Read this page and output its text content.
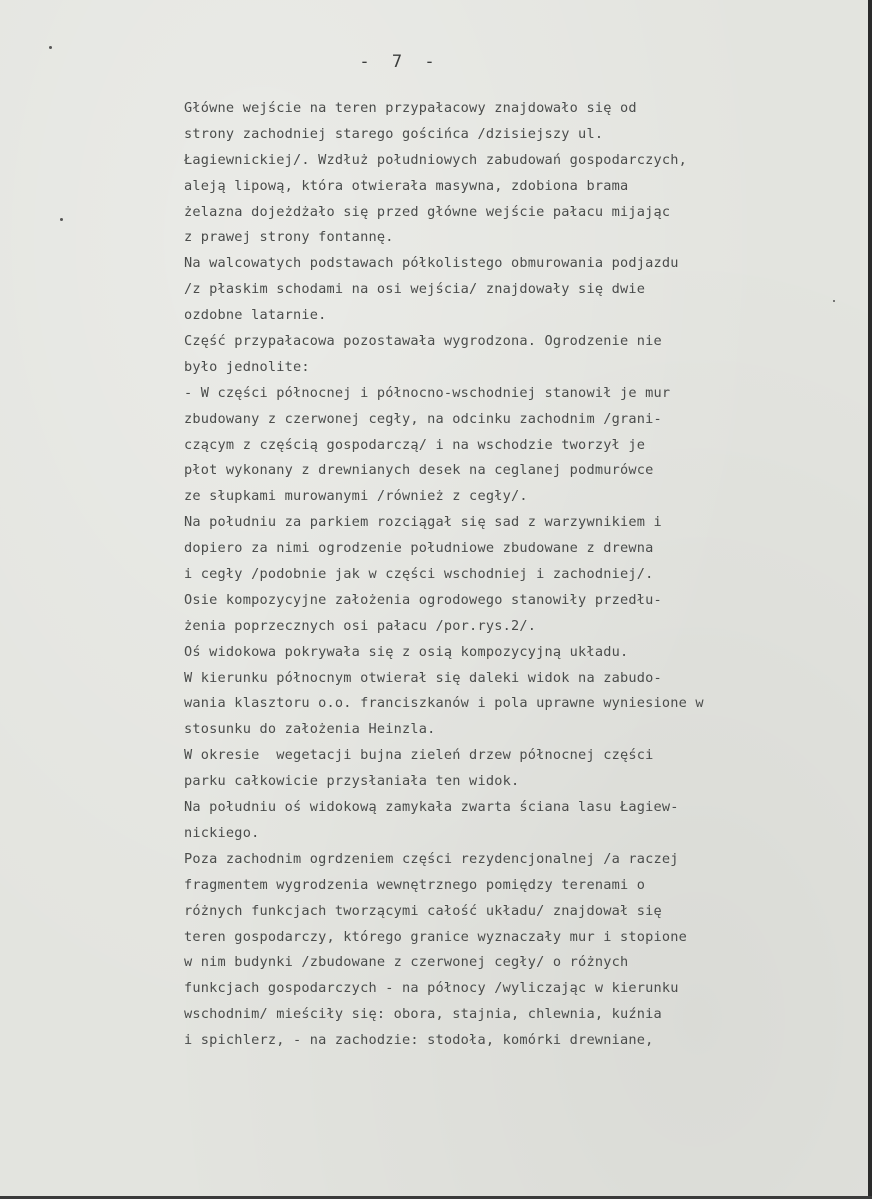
- 7 -
Główne wejście na teren przypałacowy znajdowało się od
strony zachodniej starego gościńca /dzisiejszy ul.
Łagiewnickiej/. Wzdłuż południowych zabudowań gospodarczych,
aleją lipową, która otwierała masywna, zdobiona brama
żelazna dojeżdżało się przed główne wejście pałacu mijając
z prawej strony fontannę.
Na walcowatych podstawach półkolistego obmurowania podjazdu
/z płaskim schodami na osi wejścia/ znajdowały się dwie
ozdobne latarnie.
Część przypałacowa pozostawała wygrodzona. Ogrodzenie nie
było jednolite:
- W części północnej i północno-wschodniej stanowił je mur
zbudowany z czerwonej cegły, na odcinku zachodnim /grani-
czącym z częścią gospodarczą/ i na wschodzie tworzył je
płot wykonany z drewnianych desek na ceglanej podmurówce
ze słupkami murowanymi /również z cegły/.
Na południu za parkiem rozciągał się sad z warzywnikiem i
dopiero za nimi ogrodzenie południowe zbudowane z drewna
i cegły /podobnie jak w części wschodniej i zachodniej/.
Osie kompozycyjne założenia ogrodowego stanowiły przedłu-
żenia poprzecznych osi pałacu /por.rys.2/.
Oś widokowa pokrywała się z osią kompozycyjną układu.
W kierunku północnym otwierał się daleki widok na zabudo-
wania klasztoru o.o. franciszkanów i pola uprawne wyniesione w
stosunku do założenia Heinzla.
W okresie  wegetacji bujna zieleń drzew północnej części
parku całkowicie przysłaniała ten widok.
Na południu oś widokową zamykała zwarta ściana lasu Łagiew-
nickiego.
Poza zachodnim ogrdzeniem części rezydencjonalnej /a raczej
fragmentem wygrodzenia wewnętrznego pomiędzy terenami o
różnych funkcjach tworzącymi całość układu/ znajdował się
teren gospodarczy, którego granice wyznaczały mur i stopione
w nim budynki /zbudowane z czerwonej cegły/ o różnych
funkcjach gospodarczych - na północy /wyliczając w kierunku
wschodnim/ mieściły się: obora, stajnia, chlewnia, kuźnia
i spichlerz, - na zachodzie: stodoła, komórki drewniane,
